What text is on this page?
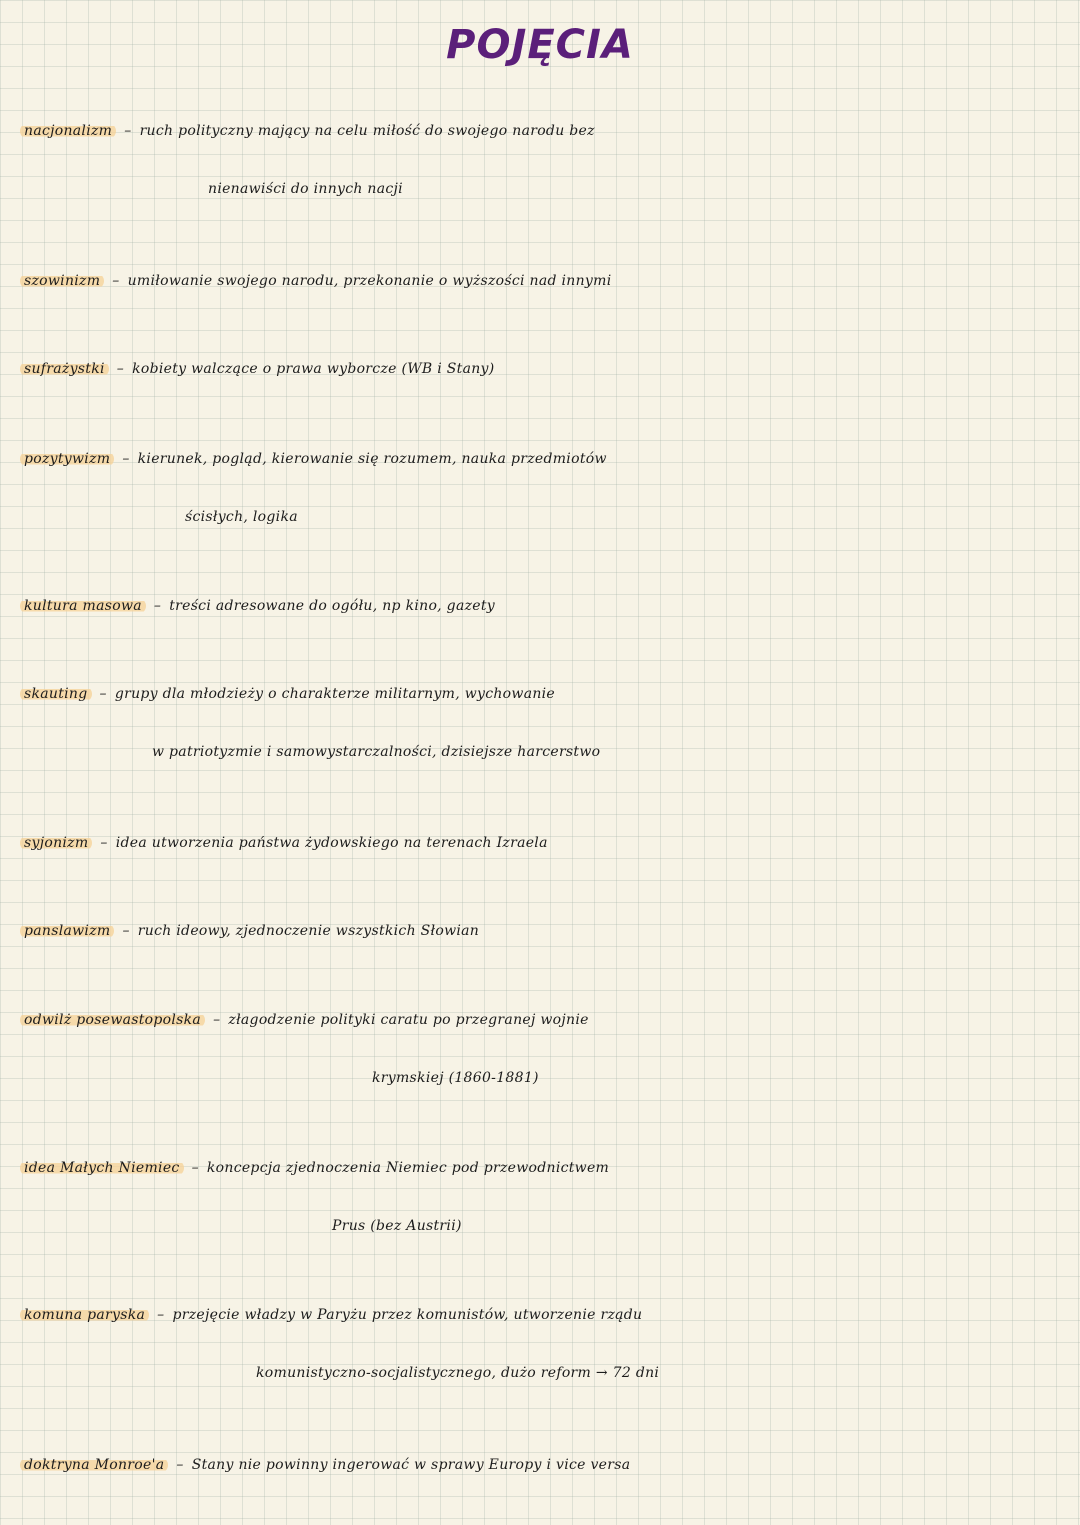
POJĘCIA
nacjonalizm – ruch polityczny mający na celu miłość do swojego narodu bez
nienawiści do innych nacji
szowinizm – umiłowanie swojego narodu, przekonanie o wyższości nad innymi
sufrażystki – kobiety walczące o prawa wyborcze (WB i Stany)
pozytywizm – kierunek, pogląd, kierowanie się rozumem, nauka przedmiotów
ścisłych, logika
kultura masowa – treści adresowane do ogółu, np kino, gazety
skauting – grupy dla młodzieży o charakterze militarnym, wychowanie
w patriotyzmie i samowystarczalności, dzisiejsze harcerstwo
syjonizm – idea utworzenia państwa żydowskiego na terenach Izraela
panslawizm – ruch ideowy, zjednoczenie wszystkich Słowian
odwilż posewastopolska – złagodzenie polityki caratu po przegranej wojnie
krymskiej (1860-1881)
idea Małych Niemiec – koncepcja zjednoczenia Niemiec pod przewodnictwem
Prus (bez Austrii)
komuna paryska – przejęcie władzy w Paryżu przez komunistów, utworzenie rządu
komunistyczno-socjalistycznego, dużo reform → 72 dni
doktryna Monroe'a – Stany nie powinny ingerować w sprawy Europy i vice versa
